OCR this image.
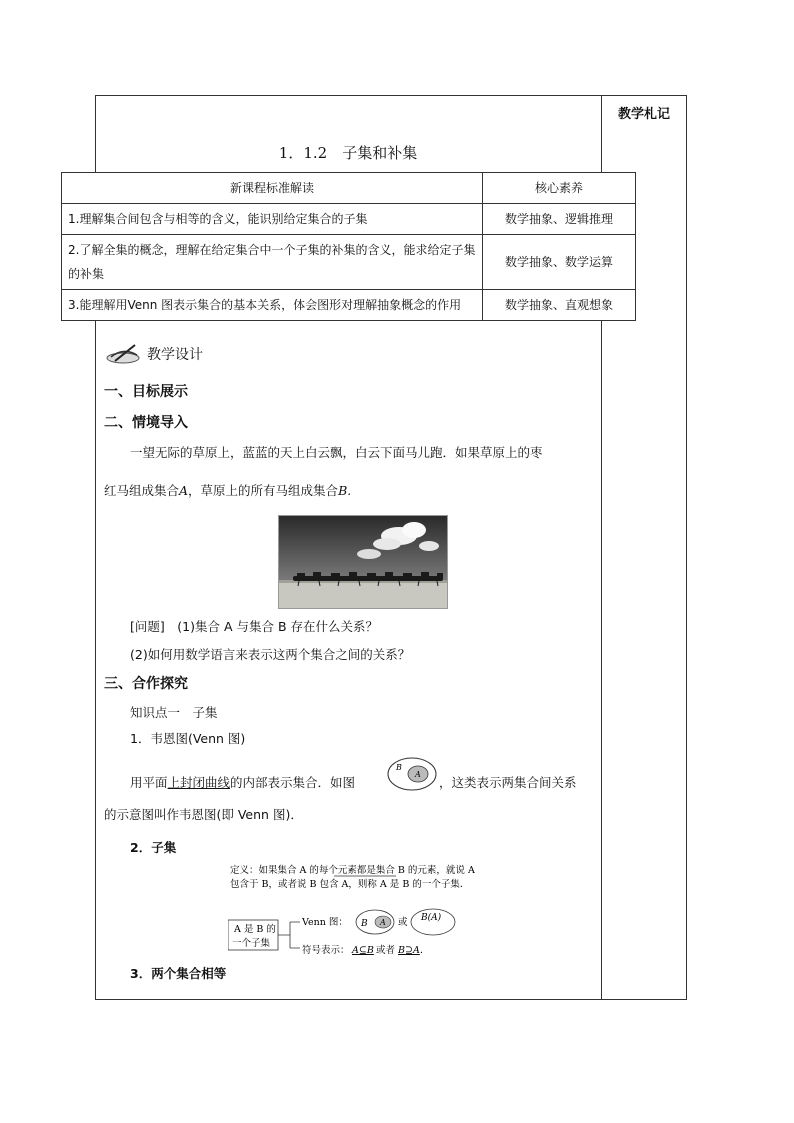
教学札记
1．1.2　子集和补集
新课程标准解读	核心素养
1.理解集合间包含与相等的含义，能识别给定集合的子集	数学抽象、逻辑推理
2.了解全集的概念，理解在给定集合中一个子集的补集的含义，能求给定子集的补集	数学抽象、数学运算
3.能理解用Venn 图表示集合的基本关系，体会图形对理解抽象概念的作用	数学抽象、直观想象
教学设计
一、目标展示
二、情境导入
一望无际的草原上，蓝蓝的天上白云飘，白云下面马儿跑．如果草原上的枣
红马组成集合A，草原上的所有马组成集合B.
[问题]　 (1)集合 A 与集合 B 存在什么关系？
(2)如何用数学语言来表示这两个集合之间的关系？
三、合作探究
知识点一　子集
1．韦恩图(Venn 图)
用平面上封闭曲线的内部表示集合．如图
B
A
，这类表示两集合间关系
的示意图叫作韦恩图(即 Venn 图)．
2．子集
定义：如果集合 A 的每个元素都是集合 B 的元素，就说 A
包含于 B，或者说 B 包含 A，则称 A 是 B 的一个子集．
A 是 B 的
一个子集
Venn 图： B A 或 B(A)
符号表示： A⊆B 或者 B⊇A ．
3．两个集合相等
